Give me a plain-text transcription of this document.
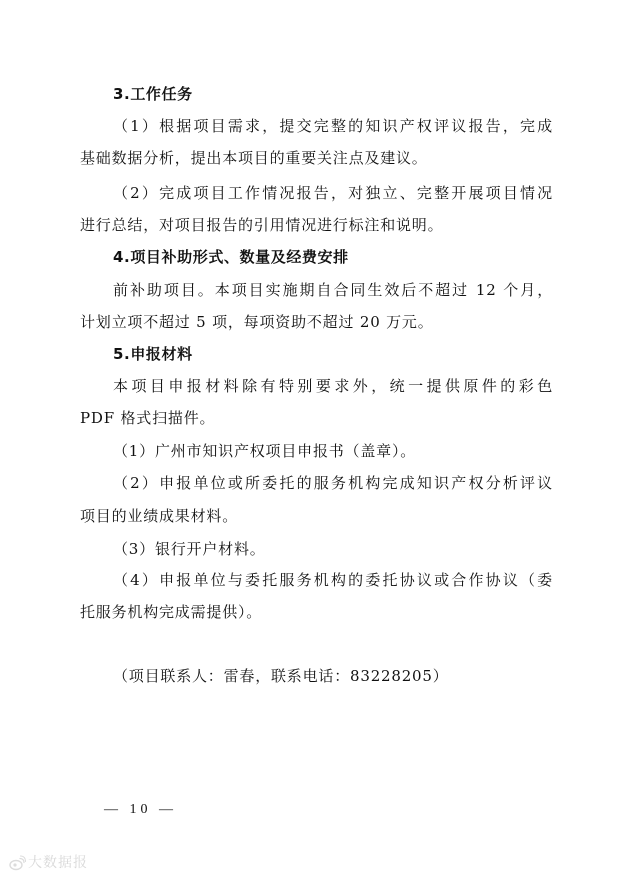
3.工作任务
（1）根据项目需求，提交完整的知识产权评议报告，完成
基础数据分析，提出本项目的重要关注点及建议。
（2）完成项目工作情况报告，对独立、完整开展项目情况
进行总结，对项目报告的引用情况进行标注和说明。
4.项目补助形式、数量及经费安排
前补助项目。本项目实施期自合同生效后不超过 12 个月，
计划立项不超过 5 项，每项资助不超过 20 万元。
5.申报材料
本项目申报材料除有特别要求外，统一提供原件的彩色
PDF 格式扫描件。
（1）广州市知识产权项目申报书（盖章）。
（2）申报单位或所委托的服务机构完成知识产权分析评议
项目的业绩成果材料。
（3）银行开户材料。
（4）申报单位与委托服务机构的委托协议或合作协议（委
托服务机构完成需提供）。
（项目联系人：雷春，联系电话：83228205）
— 10 —
大数据报
